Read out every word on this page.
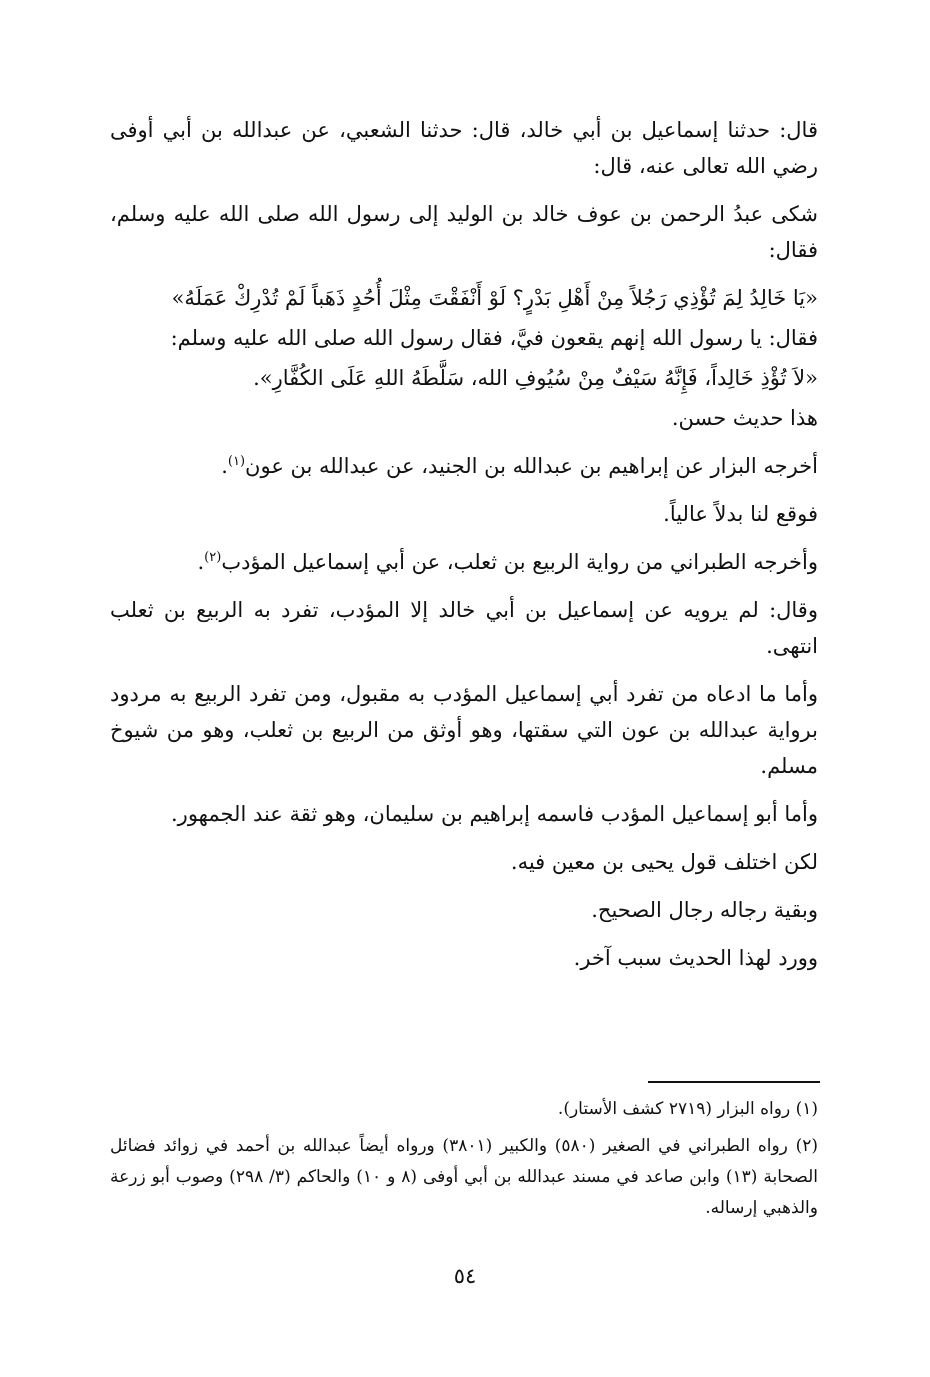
قال: حدثنا إسماعيل بن أبي خالد، قال: حدثنا الشعبي، عن عبدالله بن أبي أوفى رضي الله تعالى عنه، قال:

شكى عبدُ الرحمن بن عوف خالد بن الوليد إلى رسول الله صلى الله عليه وسلم، فقال:

«يَا خَالِدُ لِمَ تُؤْذِي رَجُلاً مِنْ أَهْلِ بَدْرٍ؟ لَوْ أَنْفَقْتَ مِثْلَ أُحُدٍ ذَهَباً لَمْ تُدْرِكْ عَمَلَهُ»

فقال: يا رسول الله إنهم يقعون فيَّ، فقال رسول الله صلى الله عليه وسلم:

«لاَ تُؤْذِ خَالِداً، فَإِنَّهُ سَيْفٌ مِنْ سُيُوفِ الله، سَلَّطَهُ اللهِ عَلَى الكُفَّارِ».

هذا حديث حسن.

أخرجه البزار عن إبراهيم بن عبدالله بن الجنيد، عن عبدالله بن عون$^{(١)}$.

فوقع لنا بدلاً عالياً.

وأخرجه الطبراني من رواية الربيع بن ثعلب، عن أبي إسماعيل المؤدب$^{(٢)}$.

وقال: لم يرويه عن إسماعيل بن أبي خالد إلا المؤدب، تفرد به الربيع بن ثعلب انتهى.

وأما ما ادعاه من تفرد أبي إسماعيل المؤدب به مقبول، ومن تفرد الربيع به مردود برواية عبدالله بن عون التي سقتها، وهو أوثق من الربيع بن ثعلب، وهو من شيوخ مسلم.

وأما أبو إسماعيل المؤدب فاسمه إبراهيم بن سليمان، وهو ثقة عند الجمهور.

لكن اختلف قول يحيى بن معين فيه.

وبقية رجاله رجال الصحيح.

وورد لهذا الحديث سبب آخر.

(١) رواه البزار (٢٧١٩ كشف الأستار).

(٢) رواه الطبراني في الصغير (٥٨٠) والكبير (٣٨٠١) ورواه أيضاً عبدالله بن أحمد في زوائد فضائل الصحابة (١٣) وابن صاعد في مسند عبدالله بن أبي أوفى (٨ و ١٠) والحاكم (٣/ ٢٩٨) وصوب أبو زرعة والذهبي إرساله.

٥٤
